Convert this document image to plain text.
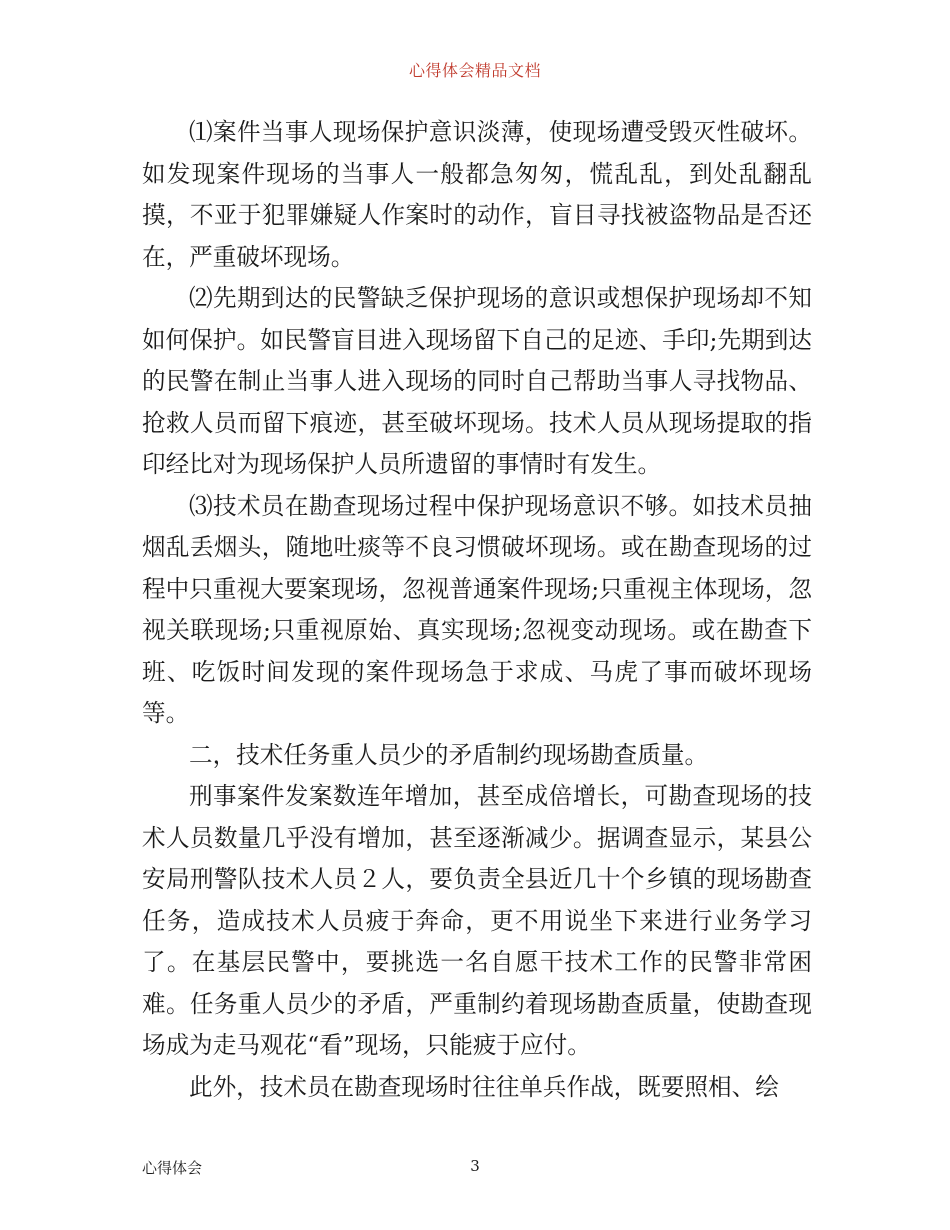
心得体会精品文档

⑴案件当事人现场保护意识淡薄，使现场遭受毁灭性破坏。如发现案件现场的当事人一般都急匆匆，慌乱乱，到处乱翻乱摸，不亚于犯罪嫌疑人作案时的动作，盲目寻找被盗物品是否还在，严重破坏现场。

⑵先期到达的民警缺乏保护现场的意识或想保护现场却不知如何保护。如民警盲目进入现场留下自己的足迹、手印;先期到达的民警在制止当事人进入现场的同时自己帮助当事人寻找物品、抢救人员而留下痕迹，甚至破坏现场。技术人员从现场提取的指印经比对为现场保护人员所遗留的事情时有发生。

⑶技术员在勘查现场过程中保护现场意识不够。如技术员抽烟乱丢烟头，随地吐痰等不良习惯破坏现场。或在勘查现场的过程中只重视大要案现场，忽视普通案件现场;只重视主体现场，忽视关联现场;只重视原始、真实现场;忽视变动现场。或在勘查下班、吃饭时间发现的案件现场急于求成、马虎了事而破坏现场等。

二，技术任务重人员少的矛盾制约现场勘查质量。

刑事案件发案数连年增加，甚至成倍增长，可勘查现场的技术人员数量几乎没有增加，甚至逐渐减少。据调查显示，某县公安局刑警队技术人员２人，要负责全县近几十个乡镇的现场勘查任务，造成技术人员疲于奔命，更不用说坐下来进行业务学习了。在基层民警中，要挑选一名自愿干技术工作的民警非常困难。任务重人员少的矛盾，严重制约着现场勘查质量，使勘查现场成为走马观花“看”现场，只能疲于应付。

此外，技术员在勘查现场时往往单兵作战，既要照相、绘

心得体会	3
